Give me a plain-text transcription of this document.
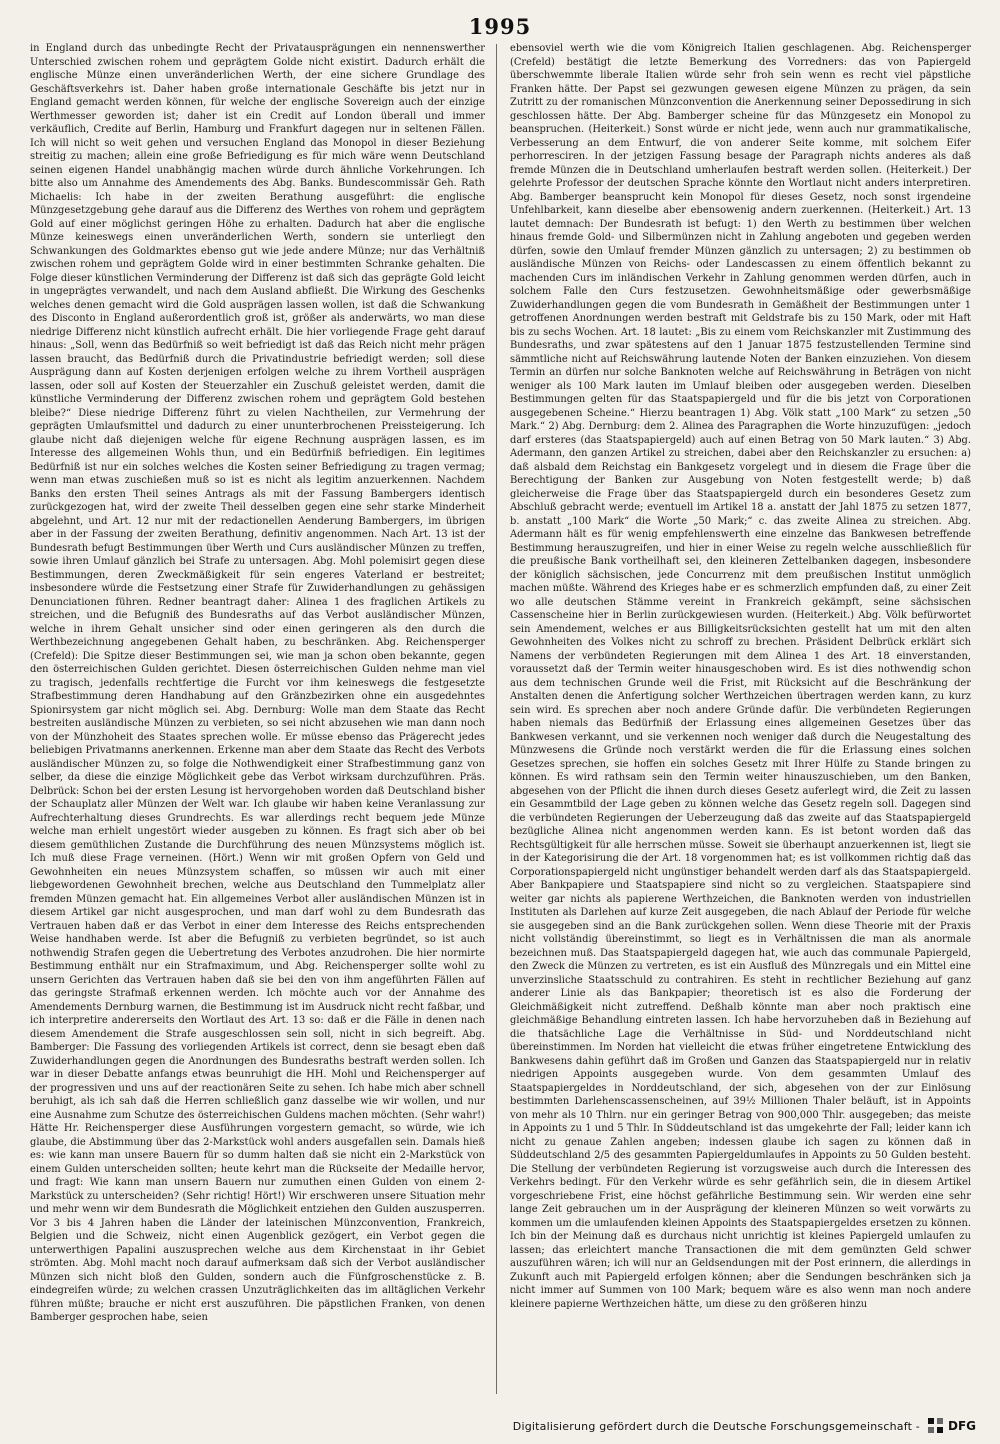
1995

in England durch das unbedingte Recht der Privatausprägungen ein nennenswerther Unterschied zwischen rohem und geprägtem Golde nicht existirt. Dadurch erhält die englische Münze einen unveränderlichen Werth, der eine sichere Grundlage des Geschäftsverkehrs ist. Daher haben große internationale Geschäfte bis jetzt nur in England gemacht werden können, für welche der englische Sovereign auch der einzige Werthmesser geworden ist; daher ist ein Credit auf London überall und immer verkäuflich, Credite auf Berlin, Hamburg und Frankfurt dagegen nur in seltenen Fällen. Ich will nicht so weit gehen und versuchen England das Monopol in dieser Beziehung streitig zu machen; allein eine große Befriedigung es für mich wäre wenn Deutschland seinen eigenen Handel unabhängig machen würde durch ähnliche Vorkehrungen. Ich bitte also um Annahme des Amendements des Abg. Banks. Bundescommissär Geh. Rath Michaelis: Ich habe in der zweiten Berathung ausgeführt: die englische Münzgesetzgebung gehe darauf aus die Differenz des Werthes von rohem und geprägtem Gold auf einer möglichst geringen Höhe zu erhalten. Dadurch hat aber die englische Münze keineswegs einen unveränderlichen Werth, sondern sie unterliegt den Schwankungen des Goldmarktes ebenso gut wie jede andere Münze; nur das Verhältniß zwischen rohem und geprägtem Golde wird in einer bestimmten Schranke gehalten. Die Folge dieser künstlichen Verminderung der Differenz ist daß sich das geprägte Gold leicht in ungeprägtes verwandelt, und nach dem Ausland abfließt. Die Wirkung des Geschenks welches denen gemacht wird die Gold ausprägen lassen wollen, ist daß die Schwankung des Disconto in England außerordentlich groß ist, größer als anderwärts, wo man diese niedrige Differenz nicht künstlich aufrecht erhält. Die hier vorliegende Frage geht darauf hinaus: „Soll, wenn das Bedürfniß so weit befriedigt ist daß das Reich nicht mehr prägen lassen braucht, das Bedürfniß durch die Privatindustrie befriedigt werden; soll diese Ausprägung dann auf Kosten derjenigen erfolgen welche zu ihrem Vortheil ausprägen lassen, oder soll auf Kosten der Steuerzahler ein Zuschuß geleistet werden, damit die künstliche Verminderung der Differenz zwischen rohem und geprägtem Gold bestehen bleibe?“ Diese niedrige Differenz führt zu vielen Nachtheilen, zur Vermehrung der geprägten Umlaufsmittel und dadurch zu einer ununterbrochenen Preissteigerung. Ich glaube nicht daß diejenigen welche für eigene Rechnung ausprägen lassen, es im Interesse des allgemeinen Wohls thun, und ein Bedürfniß befriedigen. Ein legitimes Bedürfniß ist nur ein solches welches die Kosten seiner Befriedigung zu tragen vermag; wenn man etwas zuschießen muß so ist es nicht als legitim anzuerkennen. Nachdem Banks den ersten Theil seines Antrags als mit der Fassung Bambergers identisch zurückgezogen hat, wird der zweite Theil desselben gegen eine sehr starke Minderheit abgelehnt, und Art. 12 nur mit der redactionellen Aenderung Bambergers, im übrigen aber in der Fassung der zweiten Berathung, definitiv angenommen. Nach Art. 13 ist der Bundesrath befugt Bestimmungen über Werth und Curs ausländischer Münzen zu treffen, sowie ihren Umlauf gänzlich bei Strafe zu untersagen. Abg. Mohl polemisirt gegen diese Bestimmungen, deren Zweckmäßigkeit für sein engeres Vaterland er bestreitet; insbesondere würde die Festsetzung einer Strafe für Zuwiderhandlungen zu gehässigen Denunciationen führen. Redner beantragt daher: Alinea 1 des fraglichen Artikels zu streichen, und die Befugniß des Bundesraths auf das Verbot ausländischer Münzen, welche in ihrem Gehalt unsicher sind oder einen geringeren als den durch die Werthbezeichnung angegebenen Gehalt haben, zu beschränken. Abg. Reichensperger (Crefeld): Die Spitze dieser Bestimmungen sei, wie man ja schon oben bekannte, gegen den österreichischen Gulden gerichtet. Diesen österreichischen Gulden nehme man viel zu tragisch, jedenfalls rechtfertige die Furcht vor ihm keineswegs die festgesetzte Strafbestimmung deren Handhabung auf den Gränzbezirken ohne ein ausgedehntes Spionirsystem gar nicht möglich sei. Abg. Dernburg: Wolle man dem Staate das Recht bestreiten ausländische Münzen zu verbieten, so sei nicht abzusehen wie man dann noch von der Münzhoheit des Staates sprechen wolle. Er müsse ebenso das Prägerecht jedes beliebigen Privatmanns anerkennen. Erkenne man aber dem Staate das Recht des Verbots ausländischer Münzen zu, so folge die Nothwendigkeit einer Strafbestimmung ganz von selber, da diese die einzige Möglichkeit gebe das Verbot wirksam durchzuführen. Präs. Delbrück: Schon bei der ersten Lesung ist hervorgehoben worden daß Deutschland bisher der Schauplatz aller Münzen der Welt war. Ich glaube wir haben keine Veranlassung zur Aufrechterhaltung dieses Grundrechts. Es war allerdings recht bequem jede Münze welche man erhielt ungestört wieder ausgeben zu können. Es fragt sich aber ob bei diesem gemüthlichen Zustande die Durchführung des neuen Münzsystems möglich ist. Ich muß diese Frage verneinen. (Hört.) Wenn wir mit großen Opfern von Geld und Gewohnheiten ein neues Münzsystem schaffen, so müssen wir auch mit einer liebgewordenen Gewohnheit brechen, welche aus Deutschland den Tummelplatz aller fremden Münzen gemacht hat. Ein allgemeines Verbot aller ausländischen Münzen ist in diesem Artikel gar nicht ausgesprochen, und man darf wohl zu dem Bundesrath das Vertrauen haben daß er das Verbot in einer dem Interesse des Reichs entsprechenden Weise handhaben werde. Ist aber die Befugniß zu verbieten begründet, so ist auch nothwendig Strafen gegen die Uebertretung des Verbotes anzudrohen. Die hier normirte Bestimmung enthält nur ein Strafmaximum, und Abg. Reichensperger sollte wohl zu unsern Gerichten das Vertrauen haben daß sie bei den von ihm angeführten Fällen auf das geringste Strafmaß erkennen werden. Ich möchte auch vor der Annahme des Amendements Dernburg warnen, die Bestimmung ist im Ausdruck nicht recht faßbar, und ich interpretire andererseits den Wortlaut des Art. 13 so: daß er die Fälle in denen nach diesem Amendement die Strafe ausgeschlossen sein soll, nicht in sich begreift. Abg. Bamberger: Die Fassung des vorliegenden Artikels ist correct, denn sie besagt eben daß Zuwiderhandlungen gegen die Anordnungen des Bundesraths bestraft werden sollen. Ich war in dieser Debatte anfangs etwas beunruhigt die HH. Mohl und Reichensperger auf der progressiven und uns auf der reactionären Seite zu sehen. Ich habe mich aber schnell beruhigt, als ich sah daß die Herren schließlich ganz dasselbe wie wir wollen, und nur eine Ausnahme zum Schutze des österreichischen Guldens machen möchten. (Sehr wahr!) Hätte Hr. Reichensperger diese Ausführungen vorgestern gemacht, so würde, wie ich glaube, die Abstimmung über das 2-Markstück wohl anders ausgefallen sein. Damals hieß es: wie kann man unsere Bauern für so dumm halten daß sie nicht ein 2-Markstück von einem Gulden unterscheiden sollten; heute kehrt man die Rückseite der Medaille hervor, und fragt: Wie kann man unsern Bauern nur zumuthen einen Gulden von einem 2-Markstück zu unterscheiden? (Sehr richtig! Hört!) Wir erschweren unsere Situation mehr und mehr wenn wir dem Bundesrath die Möglichkeit entziehen den Gulden auszusperren. Vor 3 bis 4 Jahren haben die Länder der lateinischen Münzconvention, Frankreich, Belgien und die Schweiz, nicht einen Augenblick gezögert, ein Verbot gegen die unterwerthigen Papalini auszusprechen welche aus dem Kirchenstaat in ihr Gebiet strömten. Abg. Mohl macht noch darauf aufmerksam daß sich der Verbot ausländischer Münzen sich nicht bloß den Gulden, sondern auch die Fünfgroschenstücke z. B. eindegreifen würde; zu welchen crassen Unzuträglichkeiten das im alltäglichen Verkehr führen müßte; brauche er nicht erst auszuführen. Die päpstlichen Franken, von denen Bamberger gesprochen habe, seien

ebensoviel werth wie die vom Königreich Italien geschlagenen. Abg. Reichensperger (Crefeld) bestätigt die letzte Bemerkung des Vorredners: das von Papiergeld überschwemmte liberale Italien würde sehr froh sein wenn es recht viel päpstliche Franken hätte. Der Papst sei gezwungen gewesen eigene Münzen zu prägen, da sein Zutritt zu der romanischen Münzconvention die Anerkennung seiner Depossedirung in sich geschlossen hätte. Der Abg. Bamberger scheine für das Münzgesetz ein Monopol zu beanspruchen. (Heiterkeit.) Sonst würde er nicht jede, wenn auch nur grammatikalische, Verbesserung an dem Entwurf, die von anderer Seite komme, mit solchem Eifer perhorresciren. In der jetzigen Fassung besage der Paragraph nichts anderes als daß fremde Münzen die in Deutschland umherlaufen bestraft werden sollen. (Heiterkeit.) Der gelehrte Professor der deutschen Sprache könnte den Wortlaut nicht anders interpretiren. Abg. Bamberger beansprucht kein Monopol für dieses Gesetz, noch sonst irgendeine Unfehlbarkeit, kann dieselbe aber ebensowenig andern zuerkennen. (Heiterkeit.) Art. 13 lautet demnach: Der Bundesrath ist befugt: 1) den Werth zu bestimmen über welchen hinaus fremde Gold- und Silbermünzen nicht in Zahlung angeboten und gegeben werden dürfen, sowie den Umlauf fremder Münzen gänzlich zu untersagen; 2) zu bestimmen ob ausländische Münzen von Reichs- oder Landescassen zu einem öffentlich bekannt zu machenden Curs im inländischen Verkehr in Zahlung genommen werden dürfen, auch in solchem Falle den Curs festzusetzen. Gewohnheitsmäßige oder gewerbsmäßige Zuwiderhandlungen gegen die vom Bundesrath in Gemäßheit der Bestimmungen unter 1 getroffenen Anordnungen werden bestraft mit Geldstrafe bis zu 150 Mark, oder mit Haft bis zu sechs Wochen. Art. 18 lautet: „Bis zu einem vom Reichskanzler mit Zustimmung des Bundesraths, und zwar spätestens auf den 1 Januar 1875 festzustellenden Termine sind sämmtliche nicht auf Reichswährung lautende Noten der Banken einzuziehen. Von diesem Termin an dürfen nur solche Banknoten welche auf Reichswährung in Beträgen von nicht weniger als 100 Mark lauten im Umlauf bleiben oder ausgegeben werden. Dieselben Bestimmungen gelten für das Staatspapiergeld und für die bis jetzt von Corporationen ausgegebenen Scheine.“ Hierzu beantragen 1) Abg. Völk statt „100 Mark“ zu setzen „50 Mark.“ 2) Abg. Dernburg: dem 2. Alinea des Paragraphen die Worte hinzuzufügen: „jedoch darf ersteres (das Staatspapiergeld) auch auf einen Betrag von 50 Mark lauten.“ 3) Abg. Adermann, den ganzen Artikel zu streichen, dabei aber den Reichskanzler zu ersuchen: a) daß alsbald dem Reichstag ein Bankgesetz vorgelegt und in diesem die Frage über die Berechtigung der Banken zur Ausgebung von Noten festgestellt werde; b) daß gleicherweise die Frage über das Staatspapiergeld durch ein besonderes Gesetz zum Abschluß gebracht werde; eventuell im Artikel 18 a. anstatt der Jahl 1875 zu setzen 1877, b. anstatt „100 Mark“ die Worte „50 Mark;“ c. das zweite Alinea zu streichen. Abg. Adermann hält es für wenig empfehlenswerth eine einzelne das Bankwesen betreffende Bestimmung herauszugreifen, und hier in einer Weise zu regeln welche ausschließlich für die preußische Bank vortheilhaft sei, den kleineren Zettelbanken dagegen, insbesondere der königlich sächsischen, jede Concurrenz mit dem preußischen Institut unmöglich machen müßte. Während des Krieges habe er es schmerzlich empfunden daß, zu einer Zeit wo alle deutschen Stämme vereint in Frankreich gekämpft, seine sächsischen Cassenscheine hier in Berlin zurückgewiesen wurden. (Heiterkeit.) Abg. Völk befürwortet sein Amendement, welches er aus Billigkeitsrücksichten gestellt hat um mit den alten Gewohnheiten des Volkes nicht zu schroff zu brechen. Präsident Delbrück erklärt sich Namens der verbündeten Regierungen mit dem Alinea 1 des Art. 18 einverstanden, voraussetzt daß der Termin weiter hinausgeschoben wird. Es ist dies nothwendig schon aus dem technischen Grunde weil die Frist, mit Rücksicht auf die Beschränkung der Anstalten denen die Anfertigung solcher Werthzeichen übertragen werden kann, zu kurz sein wird. Es sprechen aber noch andere Gründe dafür. Die verbündeten Regierungen haben niemals das Bedürfniß der Erlassung eines allgemeinen Gesetzes über das Bankwesen verkannt, und sie verkennen noch weniger daß durch die Neugestaltung des Münzwesens die Gründe noch verstärkt werden die für die Erlassung eines solchen Gesetzes sprechen, sie hoffen ein solches Gesetz mit Ihrer Hülfe zu Stande bringen zu können. Es wird rathsam sein den Termin weiter hinauszuschieben, um den Banken, abgesehen von der Pflicht die ihnen durch dieses Gesetz auferlegt wird, die Zeit zu lassen ein Gesammtbild der Lage geben zu können welche das Gesetz regeln soll. Dagegen sind die verbündeten Regierungen der Ueberzeugung daß das zweite auf das Staatspapiergeld bezügliche Alinea nicht angenommen werden kann. Es ist betont worden daß das Rechtsgültigkeit für alle herrschen müsse. Soweit sie überhaupt anzuerkennen ist, liegt sie in der Kategorisirung die der Art. 18 vorgenommen hat; es ist vollkommen richtig daß das Corporationspapiergeld nicht ungünstiger behandelt werden darf als das Staatspapiergeld. Aber Bankpapiere und Staatspapiere sind nicht so zu vergleichen. Staatspapiere sind weiter gar nichts als papierene Werthzeichen, die Banknoten werden von industriellen Instituten als Darlehen auf kurze Zeit ausgegeben, die nach Ablauf der Periode für welche sie ausgegeben sind an die Bank zurückgehen sollen. Wenn diese Theorie mit der Praxis nicht vollständig übereinstimmt, so liegt es in Verhältnissen die man als anormale bezeichnen muß. Das Staatspapiergeld dagegen hat, wie auch das communale Papiergeld, den Zweck die Münzen zu vertreten, es ist ein Ausfluß des Münzregals und ein Mittel eine unverzinsliche Staatsschuld zu contrahiren. Es steht in rechtlicher Beziehung auf ganz anderer Linie als das Bankpapier; theoretisch ist es also die Forderung der Gleichmäßigkeit nicht zutreffend. Deßhalb könnte man aber noch praktisch eine gleichmäßige Behandlung eintreten lassen. Ich habe hervorzuheben daß in Beziehung auf die thatsächliche Lage die Verhältnisse in Süd- und Norddeutschland nicht übereinstimmen. Im Norden hat vielleicht die etwas früher eingetretene Entwicklung des Bankwesens dahin geführt daß im Großen und Ganzen das Staatspapiergeld nur in relativ niedrigen Appoints ausgegeben wurde. Von dem gesammten Umlauf des Staatspapiergeldes in Norddeutschland, der sich, abgesehen von der zur Einlösung bestimmten Darlehenscassenscheinen, auf 39½ Millionen Thaler beläuft, ist in Appoints von mehr als 10 Thlrn. nur ein geringer Betrag von 900,000 Thlr. ausgegeben; das meiste in Appoints zu 1 und 5 Thlr. In Süddeutschland ist das umgekehrte der Fall; leider kann ich nicht zu genaue Zahlen angeben; indessen glaube ich sagen zu können daß in Süddeutschland 2/5 des gesammten Papiergeldumlaufes in Appoints zu 50 Gulden besteht. Die Stellung der verbündeten Regierung ist vorzugsweise auch durch die Interessen des Verkehrs bedingt. Für den Verkehr würde es sehr gefährlich sein, die in diesem Artikel vorgeschriebene Frist, eine höchst gefährliche Bestimmung sein. Wir werden eine sehr lange Zeit gebrauchen um in der Ausprägung der kleineren Münzen so weit vorwärts zu kommen um die umlaufenden kleinen Appoints des Staatspapiergeldes ersetzen zu können. Ich bin der Meinung daß es durchaus nicht unrichtig ist kleines Papiergeld umlaufen zu lassen; das erleichtert manche Transactionen die mit dem gemünzten Geld schwer auszuführen wären; ich will nur an Geldsendungen mit der Post erinnern, die allerdings in Zukunft auch mit Papiergeld erfolgen können; aber die Sendungen beschränken sich ja nicht immer auf Summen von 100 Mark; bequem wäre es also wenn man noch andere kleinere papierne Werthzeichen hätte, um diese zu den größeren hinzu

Digitalisierung gefördert durch die Deutsche Forschungsgemeinschaft - DFG
